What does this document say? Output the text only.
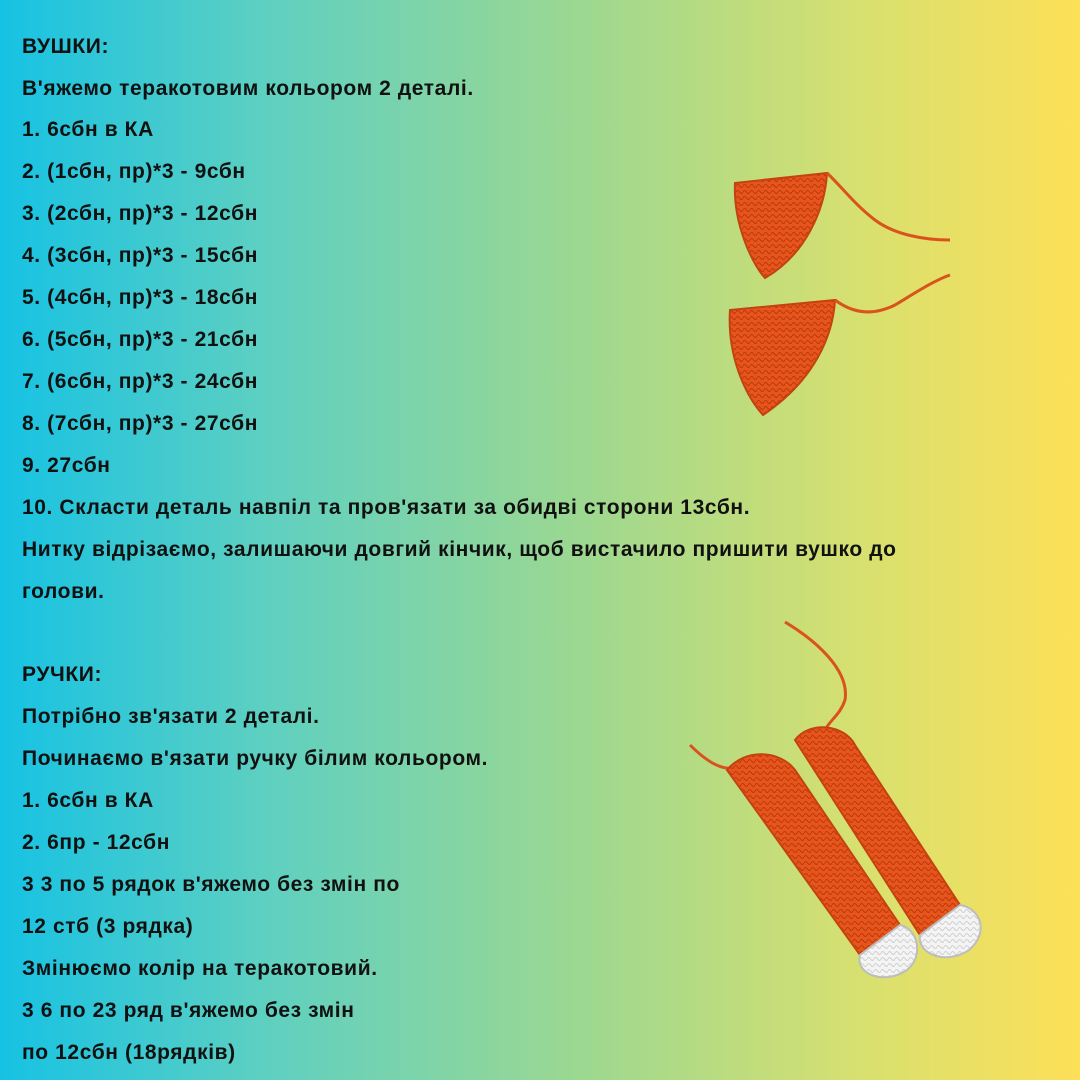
ВУШКИ:
В'яжемо теракотовим кольором 2 деталі.
1. 6сбн в КА
2. (1сбн, пр)*3 - 9сбн
3. (2сбн, пр)*3 - 12сбн
4. (3сбн, пр)*3 - 15сбн
5. (4сбн, пр)*3 - 18сбн
6. (5сбн, пр)*3 - 21сбн
7. (6сбн, пр)*3 - 24сбн
8. (7сбн, пр)*3 - 27сбн
9. 27сбн
10. Скласти деталь навпіл та пров'язати за обидві сторони 13сбн.
Нитку відрізаємо, залишаючи довгий кінчик, щоб вистачило пришити вушко до
голови.
РУЧКИ:
Потрібно зв'язати 2 деталі.
Починаємо в'язати ручку білим кольором.
1. 6сбн в КА
2. 6пр - 12сбн
3 3 по 5 рядок в'яжемо без змін по
12 стб (3 рядка)
Змінюємо колір на теракотовий.
3 6 по 23 ряд в'яжемо без змін
по 12сбн (18рядків)
